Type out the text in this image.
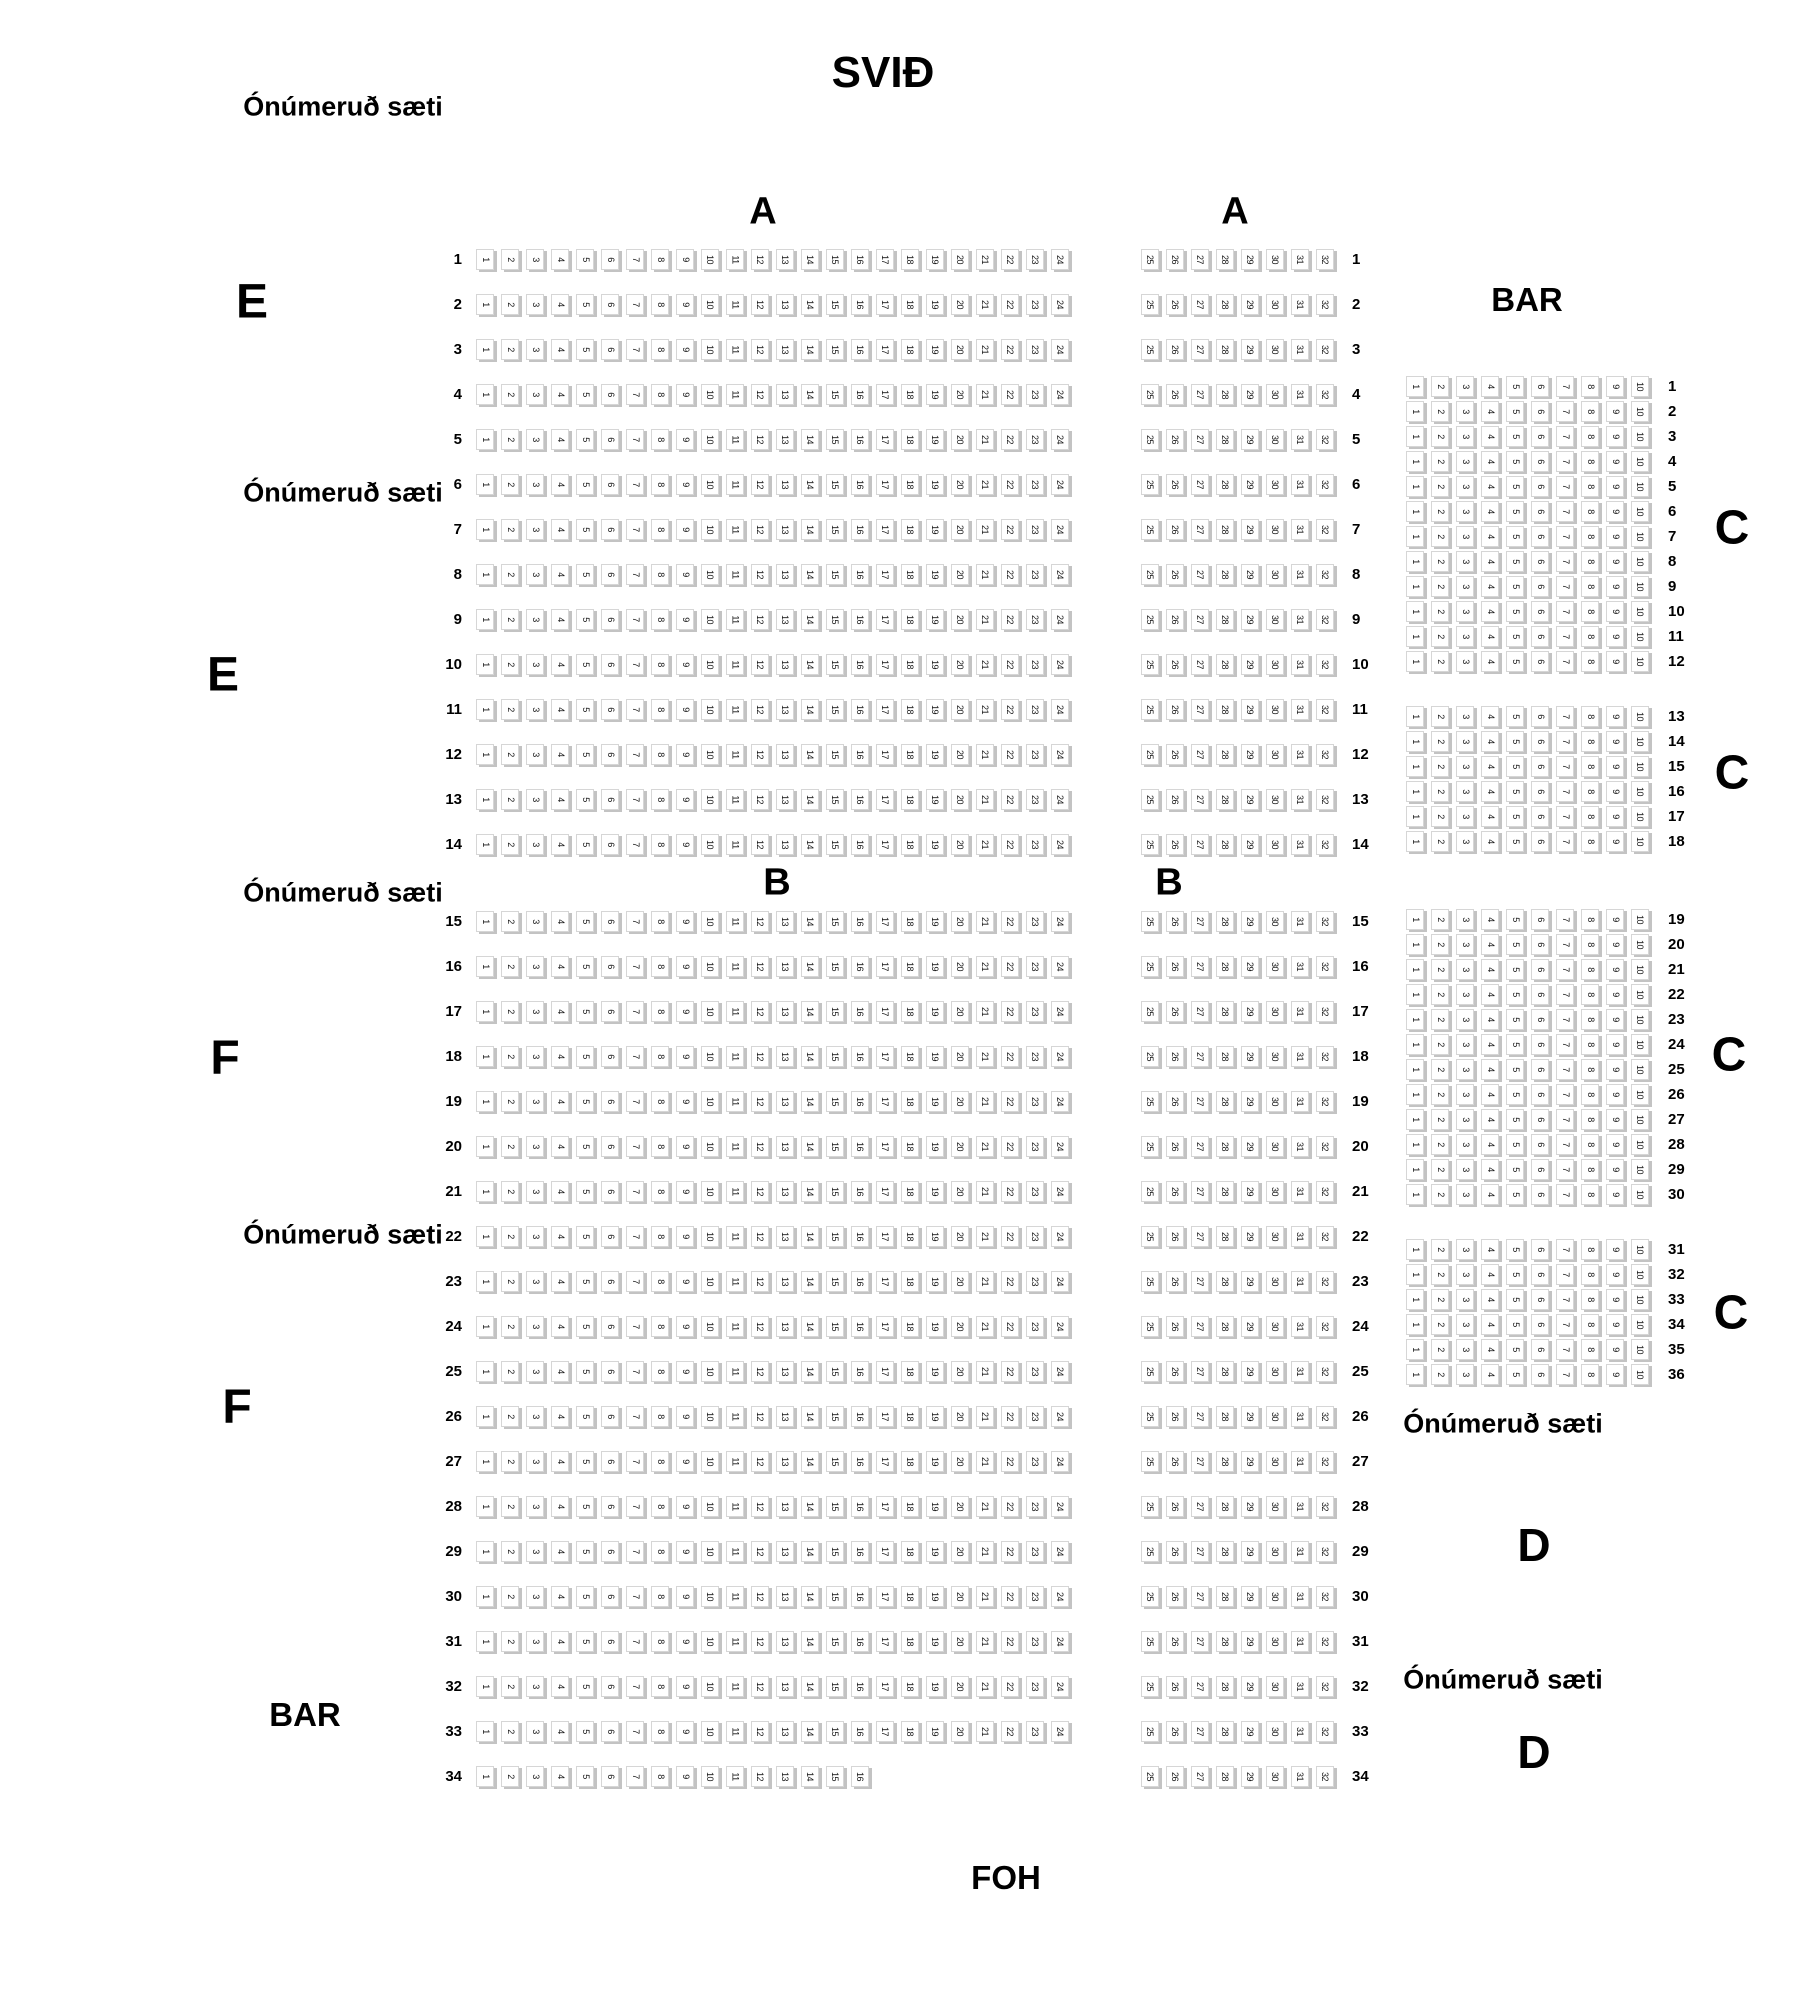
SVIÐ
FOH
BAR
BAR
A	A
B	B
C
C
C
C
D
D
E
E
F
F
Ónúmeruð sæti
Ónúmeruð sæti
Ónúmeruð sæti
Ónúmeruð sæti
Ónúmeruð sæti
Ónúmeruð sæti
1 2 3 4 5 6 7 8 9 10 11 12 13 14 15 16 17 18 19 20 21 22 23 24
1
1 2 3 4 5 6 7 8 9 10 11 12 13 14 15 16 17 18 19 20 21 22 23 24
2
1 2 3 4 5 6 7 8 9 10 11 12 13 14 15 16 17 18 19 20 21 22 23 24
3
1 2 3 4 5 6 7 8 9 10 11 12 13 14 15 16 17 18 19 20 21 22 23 24
4
1 2 3 4 5 6 7 8 9 10 11 12 13 14 15 16 17 18 19 20 21 22 23 24
5
1 2 3 4 5 6 7 8 9 10 11 12 13 14 15 16 17 18 19 20 21 22 23 24
6
1 2 3 4 5 6 7 8 9 10 11 12 13 14 15 16 17 18 19 20 21 22 23 24
7
1 2 3 4 5 6 7 8 9 10 11 12 13 14 15 16 17 18 19 20 21 22 23 24
8
1 2 3 4 5 6 7 8 9 10 11 12 13 14 15 16 17 18 19 20 21 22 23 24
9
1 2 3 4 5 6 7 8 9 10 11 12 13 14 15 16 17 18 19 20 21 22 23 24
10
1 2 3 4 5 6 7 8 9 10 11 12 13 14 15 16 17 18 19 20 21 22 23 24
11
1 2 3 4 5 6 7 8 9 10 11 12 13 14 15 16 17 18 19 20 21 22 23 24
12
1 2 3 4 5 6 7 8 9 10 11 12 13 14 15 16 17 18 19 20 21 22 23 24
13
1 2 3 4 5 6 7 8 9 10 11 12 13 14 15 16 17 18 19 20 21 22 23 24
14
1 2 3 4 5 6 7 8 9 10 11 12 13 14 15 16 17 18 19 20 21 22 23 24
15
1 2 3 4 5 6 7 8 9 10 11 12 13 14 15 16 17 18 19 20 21 22 23 24
16
1 2 3 4 5 6 7 8 9 10 11 12 13 14 15 16 17 18 19 20 21 22 23 24
17
1 2 3 4 5 6 7 8 9 10 11 12 13 14 15 16 17 18 19 20 21 22 23 24
18
1 2 3 4 5 6 7 8 9 10 11 12 13 14 15 16 17 18 19 20 21 22 23 24
19
1 2 3 4 5 6 7 8 9 10 11 12 13 14 15 16 17 18 19 20 21 22 23 24
20
1 2 3 4 5 6 7 8 9 10 11 12 13 14 15 16 17 18 19 20 21 22 23 24
21
1 2 3 4 5 6 7 8 9 10 11 12 13 14 15 16 17 18 19 20 21 22 23 24
22
1 2 3 4 5 6 7 8 9 10 11 12 13 14 15 16 17 18 19 20 21 22 23 24
23
1 2 3 4 5 6 7 8 9 10 11 12 13 14 15 16 17 18 19 20 21 22 23 24
24
1 2 3 4 5 6 7 8 9 10 11 12 13 14 15 16 17 18 19 20 21 22 23 24
25
1 2 3 4 5 6 7 8 9 10 11 12 13 14 15 16 17 18 19 20 21 22 23 24
26
1 2 3 4 5 6 7 8 9 10 11 12 13 14 15 16 17 18 19 20 21 22 23 24
27
1 2 3 4 5 6 7 8 9 10 11 12 13 14 15 16 17 18 19 20 21 22 23 24
28
1 2 3 4 5 6 7 8 9 10 11 12 13 14 15 16 17 18 19 20 21 22 23 24
29
1 2 3 4 5 6 7 8 9 10 11 12 13 14 15 16 17 18 19 20 21 22 23 24
30
1 2 3 4 5 6 7 8 9 10 11 12 13 14 15 16 17 18 19 20 21 22 23 24
31
1 2 3 4 5 6 7 8 9 10 11 12 13 14 15 16 17 18 19 20 21 22 23 24
32
1 2 3 4 5 6 7 8 9 10 11 12 13 14 15 16 17 18 19 20 21 22 23 24
33
1 2 3 4 5 6 7 8 9 10 11 12 13 14 15 16
34
25 26 27 28 29 30 31 32 1
25 26 27 28 29 30 31 32 2
25 26 27 28 29 30 31 32 3
25 26 27 28 29 30 31 32 4
25 26 27 28 29 30 31 32 5
25 26 27 28 29 30 31 32 6
25 26 27 28 29 30 31 32 7
25 26 27 28 29 30 31 32 8
25 26 27 28 29 30 31 32 9
25 26 27 28 29 30 31 32 10
25 26 27 28 29 30 31 32 11
25 26 27 28 29 30 31 32 12
25 26 27 28 29 30 31 32 13
25 26 27 28 29 30 31 32 14
25 26 27 28 29 30 31 32 15
25 26 27 28 29 30 31 32 16
25 26 27 28 29 30 31 32 17
25 26 27 28 29 30 31 32 18
25 26 27 28 29 30 31 32 19
25 26 27 28 29 30 31 32 20
25 26 27 28 29 30 31 32 21
25 26 27 28 29 30 31 32 22
25 26 27 28 29 30 31 32 23
25 26 27 28 29 30 31 32 24
25 26 27 28 29 30 31 32 25
25 26 27 28 29 30 31 32 26
25 26 27 28 29 30 31 32 27
25 26 27 28 29 30 31 32 28
25 26 27 28 29 30 31 32 29
25 26 27 28 29 30 31 32 30
25 26 27 28 29 30 31 32 31
25 26 27 28 29 30 31 32 32
25 26 27 28 29 30 31 32 33
25 26 27 28 29 30 31 32 34
1 2 3 4 5 6 7 8 9 10 1
1 2 3 4 5 6 7 8 9 10 2
1 2 3 4 5 6 7 8 9 10 3
1 2 3 4 5 6 7 8 9 10 4
1 2 3 4 5 6 7 8 9 10 5
1 2 3 4 5 6 7 8 9 10 6
1 2 3 4 5 6 7 8 9 10 7
1 2 3 4 5 6 7 8 9 10 8
1 2 3 4 5 6 7 8 9 10 9
1 2 3 4 5 6 7 8 9 10 10
1 2 3 4 5 6 7 8 9 10 11
1 2 3 4 5 6 7 8 9 10 12
1 2 3 4 5 6 7 8 9 10 13
1 2 3 4 5 6 7 8 9 10 14
1 2 3 4 5 6 7 8 9 10 15
1 2 3 4 5 6 7 8 9 10 16
1 2 3 4 5 6 7 8 9 10 17
1 2 3 4 5 6 7 8 9 10 18
1 2 3 4 5 6 7 8 9 10 19
1 2 3 4 5 6 7 8 9 10 20
1 2 3 4 5 6 7 8 9 10 21
1 2 3 4 5 6 7 8 9 10 22
1 2 3 4 5 6 7 8 9 10 23
1 2 3 4 5 6 7 8 9 10 24
1 2 3 4 5 6 7 8 9 10 25
1 2 3 4 5 6 7 8 9 10 26
1 2 3 4 5 6 7 8 9 10 27
1 2 3 4 5 6 7 8 9 10 28
1 2 3 4 5 6 7 8 9 10 29
1 2 3 4 5 6 7 8 9 10 30
1 2 3 4 5 6 7 8 9 10 31
1 2 3 4 5 6 7 8 9 10 32
1 2 3 4 5 6 7 8 9 10 33
1 2 3 4 5 6 7 8 9 10 34
1 2 3 4 5 6 7 8 9 10 35
1 2 3 4 5 6 7 8 9 10 36
